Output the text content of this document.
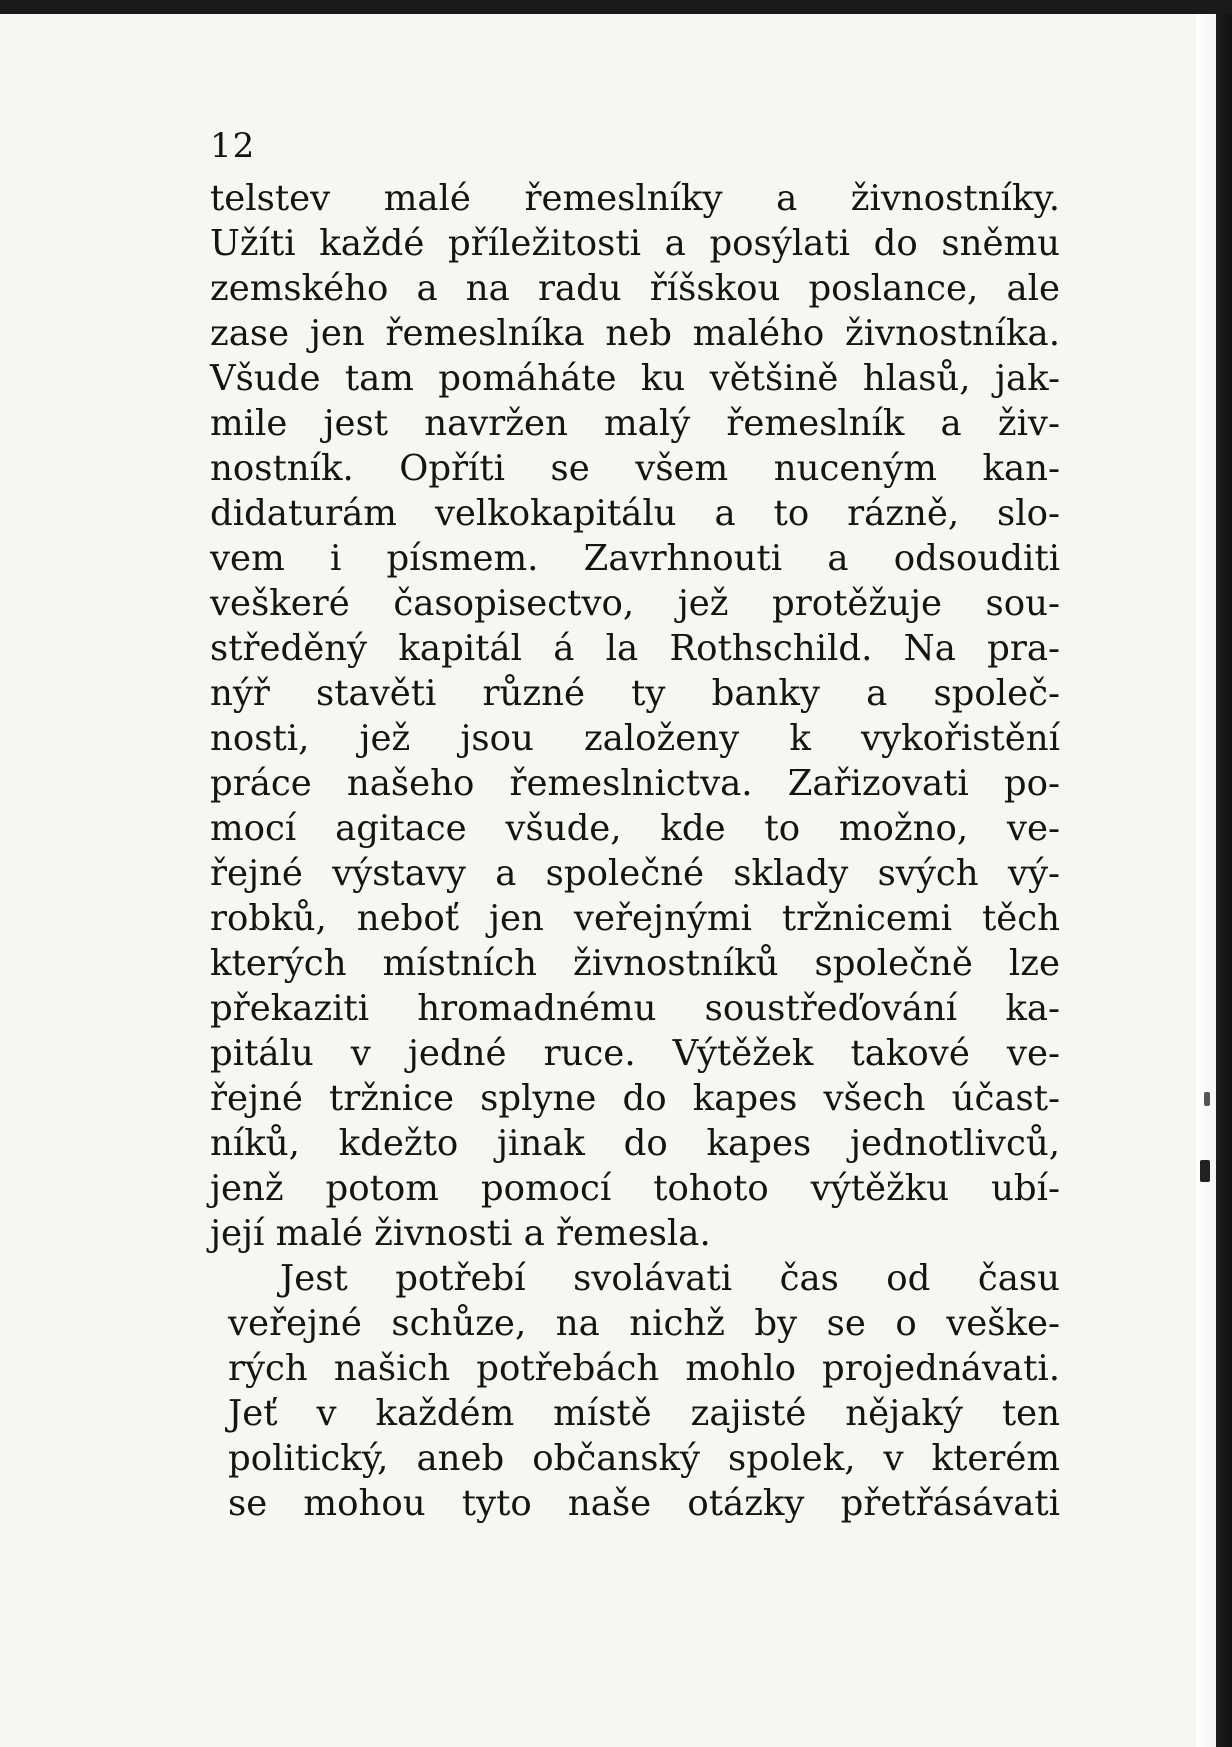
12
telstev malé řemeslníky a živnostníky.
Užíti každé příležitosti a posýlati do sněmu
zemského a na radu říšskou poslance, ale
zase jen řemeslníka neb malého živnostníka.
Všude tam pomáháte ku většině hlasů, jak-
mile jest navržen malý řemeslník a živ-
nostník. Opříti se všem nuceným kan-
didaturám velkokapitálu a to rázně, slo-
vem i písmem. Zavrhnouti a odsouditi
veškeré časopisectvo, jež protěžuje sou-
středěný kapitál á la Rothschild. Na pra-
nýř stavěti různé ty banky a společ-
nosti, jež jsou založeny k vykořistění
práce našeho řemeslnictva. Zařizovati po-
mocí agitace všude, kde to možno, ve-
řejné výstavy a společné sklady svých vý-
robků, neboť jen veřejnými tržnicemi těch
kterých místních živnostníků společně lze
překaziti hromadnému soustřeďování ka-
pitálu v jedné ruce. Výtěžek takové ve-
řejné tržnice splyne do kapes všech účast-
níků, kdežto jinak do kapes jednotlivců,
jenž potom pomocí tohoto výtěžku ubí-
její malé živnosti a řemesla.
Jest potřebí svolávati čas od času
veřejné schůze, na nichž by se o veške-
rých našich potřebách mohlo projednávati.
Jeť v každém místě zajisté nějaký ten
politický, aneb občanský spolek, v kterém
se mohou tyto naše otázky přetřásávati
